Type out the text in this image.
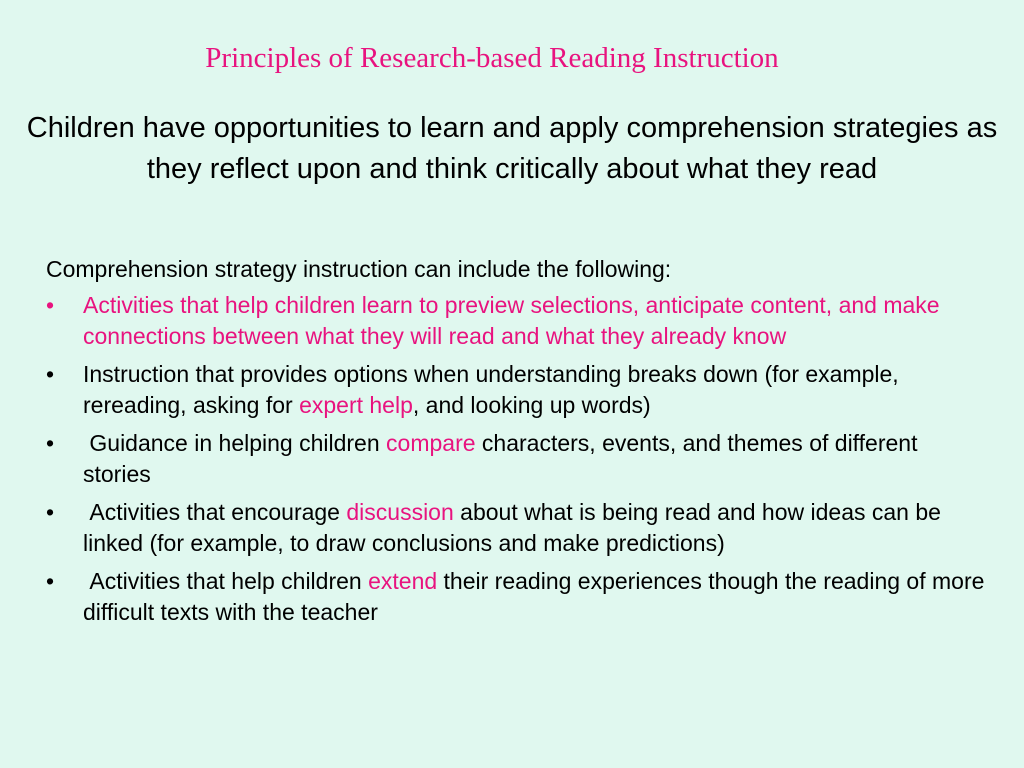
Principles of Research-based Reading Instruction
Children have opportunities to learn and apply comprehension strategies as they reflect upon and think critically about what they read
Comprehension strategy instruction can include the following:
• Activities that help children learn to preview selections, anticipate content, and make connections between what they will read and what they already know
• Instruction that provides options when understanding breaks down (for example, rereading, asking for expert help, and looking up words)
• Guidance in helping children compare characters, events, and themes of different stories
• Activities that encourage discussion about what is being read and how ideas can be linked (for example, to draw conclusions and make predictions)
• Activities that help children extend their reading experiences though the reading of more difficult texts with the teacher
